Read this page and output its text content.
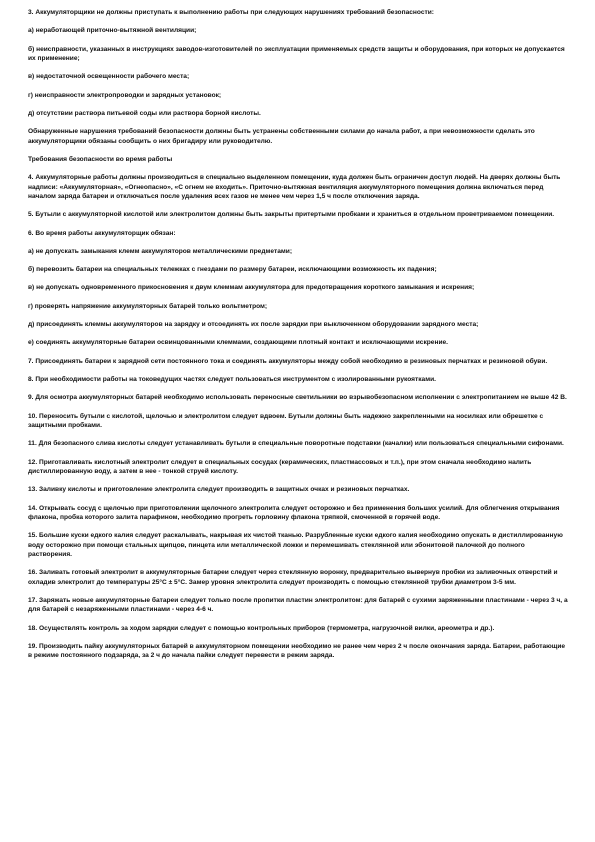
3. Аккумуляторщики не должны приступать к выполнению работы при следующих нарушениях требований безопасности:

а) неработающей приточно-вытяжной вентиляции;

б) неисправности, указанных в инструкциях заводов-изготовителей по эксплуатации применяемых средств защиты и оборудования, при которых не допускается их применение;

в) недостаточной освещенности рабочего места;

г) неисправности электропроводки и зарядных установок;

д) отсутствии раствора питьевой соды или раствора борной кислоты.

Обнаруженные нарушения требований безопасности должны быть устранены собственными силами до начала работ, а при невозможности сделать это аккумуляторщики обязаны сообщить о них бригадиру или руководителю.

Требования безопасности во время работы

4. Аккумуляторные работы должны производиться в специально выделенном помещении, куда должен быть ограничен доступ людей. На дверях должны быть надписи: «Аккумуляторная», «Огнеопасно», «С огнем не входить». Приточно-вытяжная вентиляция аккумуляторного помещения должна включаться перед началом заряда батареи и отключаться после удаления всех газов не менее чем через 1,5 ч после отключения заряда.

5. Бутыли с аккумуляторной кислотой или электролитом должны быть закрыты притертыми пробками и храниться в отдельном проветриваемом помещении.

6. Во время работы аккумуляторщик обязан:

а) не допускать замыкания клемм аккумуляторов металлическими предметами;

б) перевозить батареи на специальных тележках с гнездами по размеру батареи, исключающими возможность их падения;

в) не допускать одновременного прикосновения к двум клеммам аккумулятора для предотвращения короткого замыкания и искрения;

г) проверять напряжение аккумуляторных батарей только вольтметром;

д) присоединять клеммы аккумуляторов на зарядку и отсоединять их после зарядки при выключенном оборудовании зарядного места;

е) соединять аккумуляторные батареи освинцованными клеммами, создающими плотный контакт и исключающими искрение.

7. Присоединять батареи к зарядной сети постоянного тока и соединять аккумуляторы между собой необходимо в резиновых перчатках и резиновой обуви.

8. При необходимости работы на токоведущих частях следует пользоваться инструментом с изолированными рукоятками.

9. Для осмотра аккумуляторных батарей необходимо использовать переносные светильники во взрывобезопасном исполнении с электропитанием не выше 42 В.

10. Переносить бутыли с кислотой, щелочью и электролитом следует вдвоем. Бутыли должны быть надежно закрепленными на носилках или обрешетке с защитными пробками.

11. Для безопасного слива кислоты следует устанавливать бутыли в специальные поворотные подставки (качалки) или пользоваться специальными сифонами.

12. Приготавливать кислотный электролит следует в специальных сосудах (керамических, пластмассовых и т.п.), при этом сначала необходимо налить дистиллированную воду, а затем в нее - тонкой струей кислоту.

13. Заливку кислоты и приготовление электролита следует производить в защитных очках и резиновых перчатках.

14. Открывать сосуд с щелочью при приготовлении щелочного электролита следует осторожно и без применения больших усилий. Для облегчения открывания флакона, пробка которого залита парафином, необходимо прогреть горловину флакона тряпкой, смоченной в горячей воде.

15. Большие куски едкого калия следует раскалывать, накрывая их чистой тканью. Разрубленные куски едкого калия необходимо опускать в дистиллированную воду осторожно при помощи стальных щипцов, пинцета или металлической ложки и перемешивать стеклянной или эбонитовой палочкой до полного растворения.

16. Заливать готовый электролит в аккумуляторные батареи следует через стеклянную воронку, предварительно вывернув пробки из заливочных отверстий и охладив электролит до температуры 25°С ± 5°С. Замер уровня электролита следует производить с помощью стеклянной трубки диаметром 3-5 мм.

17. Заряжать новые аккумуляторные батареи следует только после пропитки пластин электролитом: для батарей с сухими заряженными пластинами - через 3 ч, а для батарей с незаряженными пластинами - через 4-6 ч.

18. Осуществлять контроль за ходом зарядки следует с помощью контрольных приборов (термометра, нагрузочной вилки, ареометра и др.).

19. Производить пайку аккумуляторных батарей в аккумуляторном помещении необходимо не ранее чем через 2 ч после окончания заряда. Батареи, работающие в режиме постоянного подзаряда, за 2 ч до начала пайки следует перевести в режим заряда.
